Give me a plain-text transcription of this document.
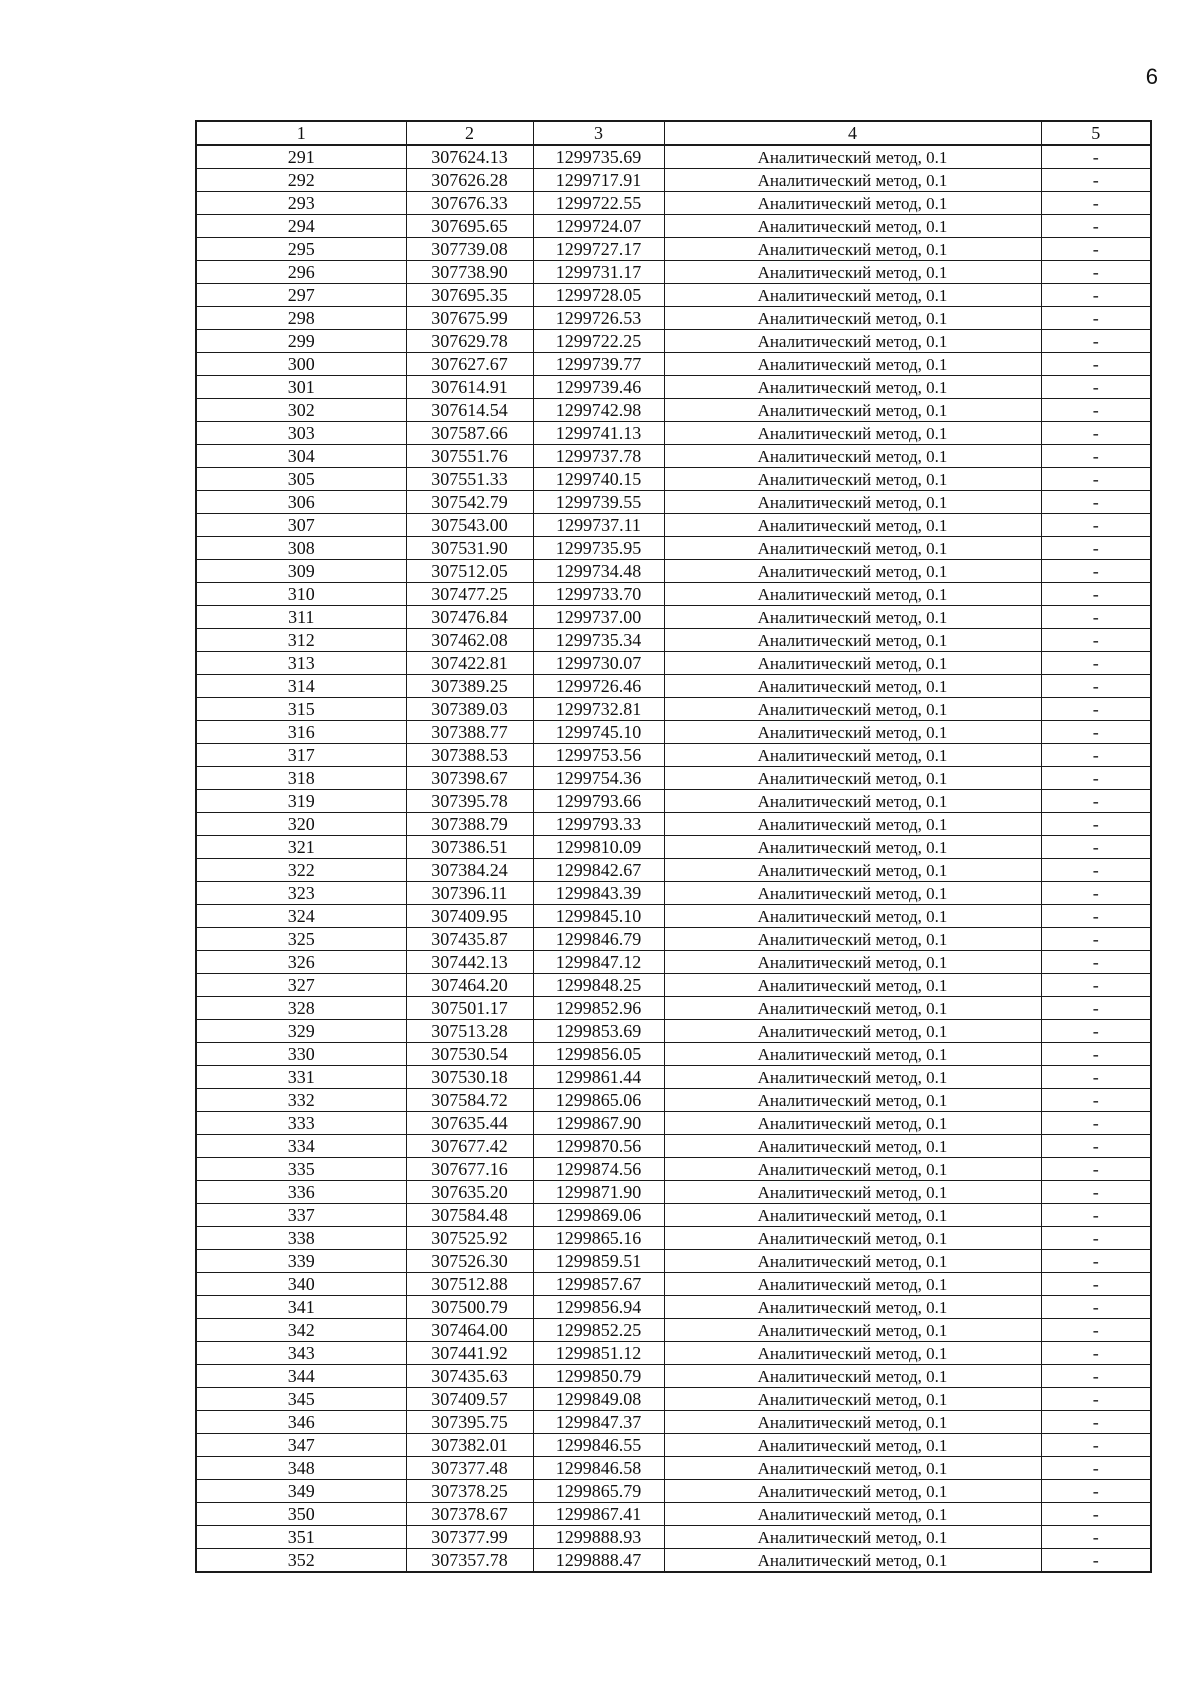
6
1	2	3	4	5
291	307624.13	1299735.69	Аналитический метод, 0.1	-
292	307626.28	1299717.91	Аналитический метод, 0.1	-
293	307676.33	1299722.55	Аналитический метод, 0.1	-
294	307695.65	1299724.07	Аналитический метод, 0.1	-
295	307739.08	1299727.17	Аналитический метод, 0.1	-
296	307738.90	1299731.17	Аналитический метод, 0.1	-
297	307695.35	1299728.05	Аналитический метод, 0.1	-
298	307675.99	1299726.53	Аналитический метод, 0.1	-
299	307629.78	1299722.25	Аналитический метод, 0.1	-
300	307627.67	1299739.77	Аналитический метод, 0.1	-
301	307614.91	1299739.46	Аналитический метод, 0.1	-
302	307614.54	1299742.98	Аналитический метод, 0.1	-
303	307587.66	1299741.13	Аналитический метод, 0.1	-
304	307551.76	1299737.78	Аналитический метод, 0.1	-
305	307551.33	1299740.15	Аналитический метод, 0.1	-
306	307542.79	1299739.55	Аналитический метод, 0.1	-
307	307543.00	1299737.11	Аналитический метод, 0.1	-
308	307531.90	1299735.95	Аналитический метод, 0.1	-
309	307512.05	1299734.48	Аналитический метод, 0.1	-
310	307477.25	1299733.70	Аналитический метод, 0.1	-
311	307476.84	1299737.00	Аналитический метод, 0.1	-
312	307462.08	1299735.34	Аналитический метод, 0.1	-
313	307422.81	1299730.07	Аналитический метод, 0.1	-
314	307389.25	1299726.46	Аналитический метод, 0.1	-
315	307389.03	1299732.81	Аналитический метод, 0.1	-
316	307388.77	1299745.10	Аналитический метод, 0.1	-
317	307388.53	1299753.56	Аналитический метод, 0.1	-
318	307398.67	1299754.36	Аналитический метод, 0.1	-
319	307395.78	1299793.66	Аналитический метод, 0.1	-
320	307388.79	1299793.33	Аналитический метод, 0.1	-
321	307386.51	1299810.09	Аналитический метод, 0.1	-
322	307384.24	1299842.67	Аналитический метод, 0.1	-
323	307396.11	1299843.39	Аналитический метод, 0.1	-
324	307409.95	1299845.10	Аналитический метод, 0.1	-
325	307435.87	1299846.79	Аналитический метод, 0.1	-
326	307442.13	1299847.12	Аналитический метод, 0.1	-
327	307464.20	1299848.25	Аналитический метод, 0.1	-
328	307501.17	1299852.96	Аналитический метод, 0.1	-
329	307513.28	1299853.69	Аналитический метод, 0.1	-
330	307530.54	1299856.05	Аналитический метод, 0.1	-
331	307530.18	1299861.44	Аналитический метод, 0.1	-
332	307584.72	1299865.06	Аналитический метод, 0.1	-
333	307635.44	1299867.90	Аналитический метод, 0.1	-
334	307677.42	1299870.56	Аналитический метод, 0.1	-
335	307677.16	1299874.56	Аналитический метод, 0.1	-
336	307635.20	1299871.90	Аналитический метод, 0.1	-
337	307584.48	1299869.06	Аналитический метод, 0.1	-
338	307525.92	1299865.16	Аналитический метод, 0.1	-
339	307526.30	1299859.51	Аналитический метод, 0.1	-
340	307512.88	1299857.67	Аналитический метод, 0.1	-
341	307500.79	1299856.94	Аналитический метод, 0.1	-
342	307464.00	1299852.25	Аналитический метод, 0.1	-
343	307441.92	1299851.12	Аналитический метод, 0.1	-
344	307435.63	1299850.79	Аналитический метод, 0.1	-
345	307409.57	1299849.08	Аналитический метод, 0.1	-
346	307395.75	1299847.37	Аналитический метод, 0.1	-
347	307382.01	1299846.55	Аналитический метод, 0.1	-
348	307377.48	1299846.58	Аналитический метод, 0.1	-
349	307378.25	1299865.79	Аналитический метод, 0.1	-
350	307378.67	1299867.41	Аналитический метод, 0.1	-
351	307377.99	1299888.93	Аналитический метод, 0.1	-
352	307357.78	1299888.47	Аналитический метод, 0.1	-
